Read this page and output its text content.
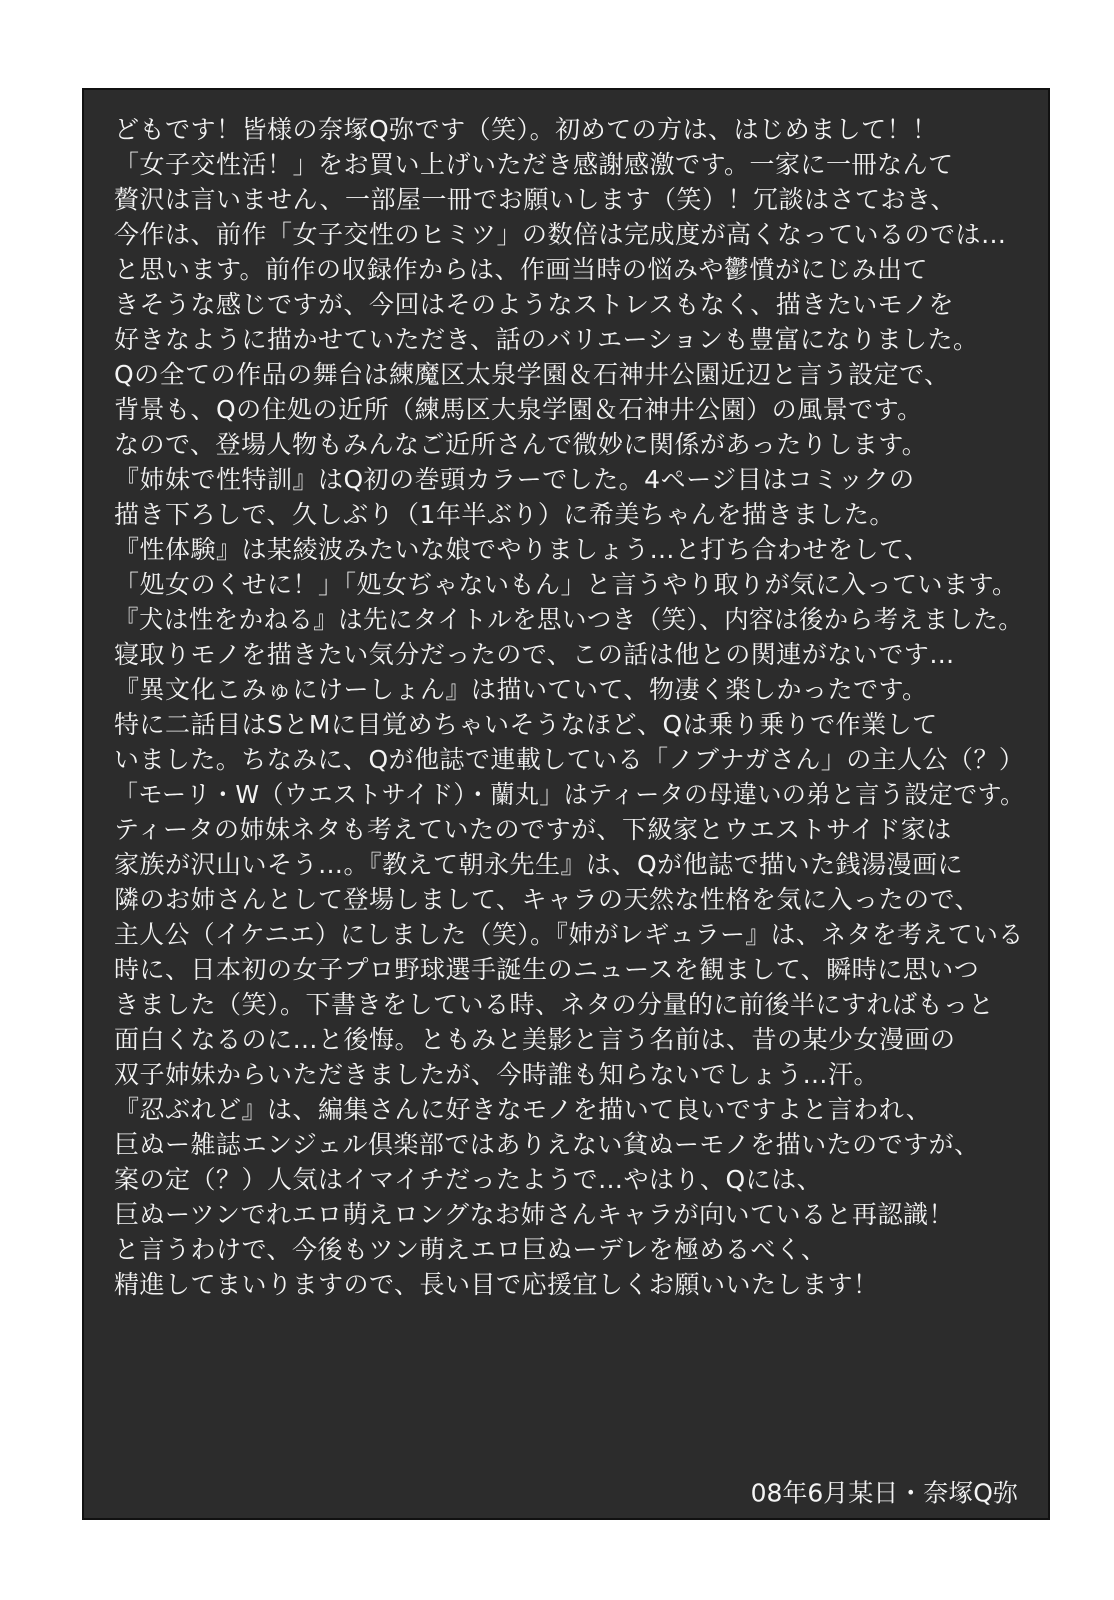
どもです！皆様の奈塚Q弥です（笑）。初めての方は、はじめまして！！
「女子交性活！」をお買い上げいただき感謝感激です。一家に一冊なんて
贅沢は言いません、一部屋一冊でお願いします（笑）！冗談はさておき、
今作は、前作「女子交性のヒミツ」の数倍は完成度が高くなっているのでは…
と思います。前作の収録作からは、作画当時の悩みや鬱憤がにじみ出て
きそうな感じですが、今回はそのようなストレスもなく、描きたいモノを
好きなように描かせていただき、話のバリエーションも豊富になりました。
Qの全ての作品の舞台は練魔区太泉学園＆石神井公園近辺と言う設定で、
背景も、Qの住処の近所（練馬区大泉学園＆石神井公園）の風景です。
なので、登場人物もみんなご近所さんで微妙に関係があったりします。
『姉妹で性特訓』はQ初の巻頭カラーでした。4ページ目はコミックの
描き下ろしで、久しぶり（1年半ぶり）に希美ちゃんを描きました。
『性体験』は某綾波みたいな娘でやりましょう…と打ち合わせをして、
「処女のくせに！」「処女ぢゃないもん」と言うやり取りが気に入っています。
『犬は性をかねる』は先にタイトルを思いつき（笑）、内容は後から考えました。
寝取りモノを描きたい気分だったので、この話は他との関連がないです…
『異文化こみゅにけーしょん』は描いていて、物凄く楽しかったです。
特に二話目はSとMに目覚めちゃいそうなほど、Qは乗り乗りで作業して
いました。ちなみに、Qが他誌で連載している「ノブナガさん」の主人公（？）
「モーリ・W（ウエストサイド）・蘭丸」はティータの母違いの弟と言う設定です。
ティータの姉妹ネタも考えていたのですが、下級家とウエストサイド家は
家族が沢山いそう…。『教えて朝永先生』は、Qが他誌で描いた銭湯漫画に
隣のお姉さんとして登場しまして、キャラの天然な性格を気に入ったので、
主人公（イケニエ）にしました（笑）。『姉がレギュラー』は、ネタを考えている
時に、日本初の女子プロ野球選手誕生のニュースを観まして、瞬時に思いつ
きました（笑）。下書きをしている時、ネタの分量的に前後半にすればもっと
面白くなるのに…と後悔。ともみと美影と言う名前は、昔の某少女漫画の
双子姉妹からいただきましたが、今時誰も知らないでしょう…汗。
『忍ぶれど』は、編集さんに好きなモノを描いて良いですよと言われ、
巨ぬー雑誌エンジェル倶楽部ではありえない貧ぬーモノを描いたのですが、
案の定（？）人気はイマイチだったようで…やはり、Qには、
巨ぬーツンでれエロ萌えロングなお姉さんキャラが向いていると再認識！
と言うわけで、今後もツン萌えエロ巨ぬーデレを極めるべく、
精進してまいりますので、長い目で応援宜しくお願いいたします！
08年6月某日・奈塚Q弥
